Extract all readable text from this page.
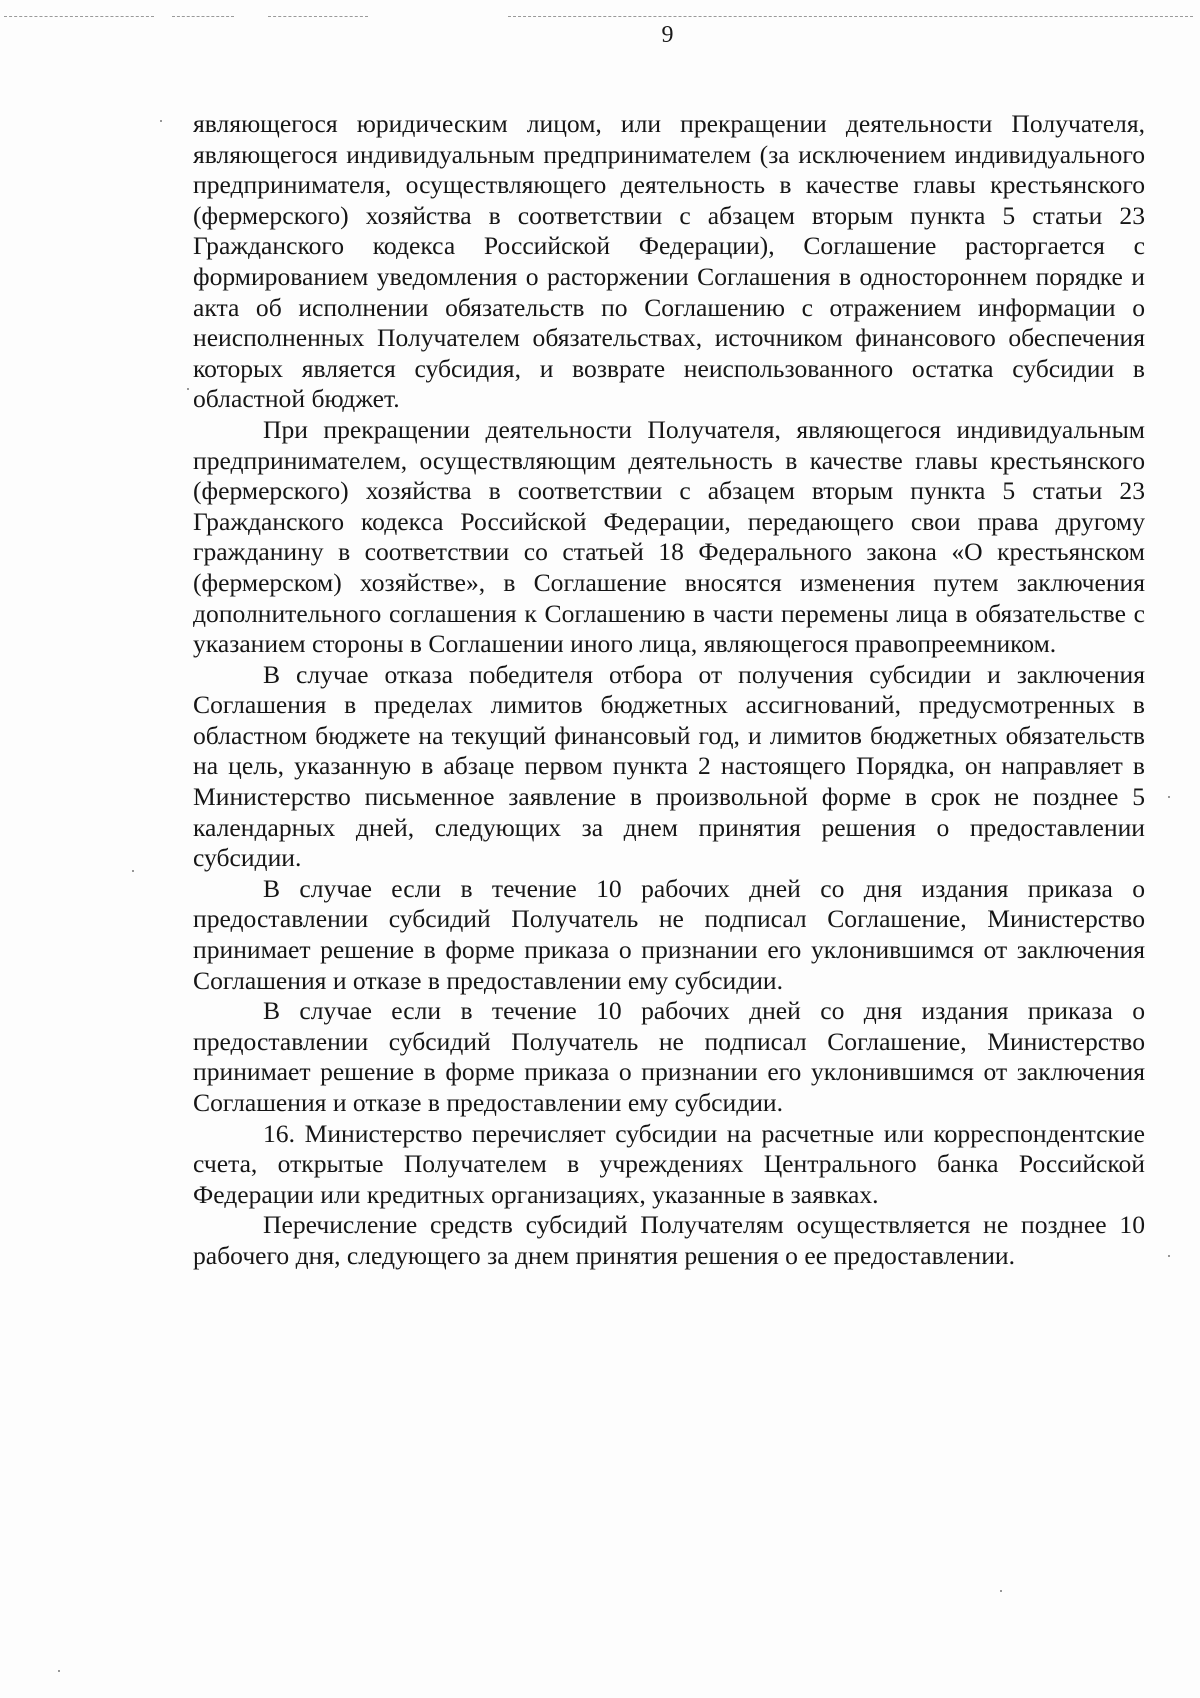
9

являющегося юридическим лицом, или прекращении деятельности Получателя, являющегося индивидуальным предпринимателем (за исключением индивидуального предпринимателя, осуществляющего деятельность в качестве главы крестьянского (фермерского) хозяйства в соответствии с абзацем вторым пункта 5 статьи 23 Гражданского кодекса Российской Федерации), Соглашение расторгается с формированием уведомления о расторжении Соглашения в одностороннем порядке и акта об исполнении обязательств по Соглашению с отражением информации о неисполненных Получателем обязательствах, источником финансового обеспечения которых является субсидия, и возврате неиспользованного остатка субсидии в областной бюджет.

При прекращении деятельности Получателя, являющегося индивидуальным предпринимателем, осуществляющим деятельность в качестве главы крестьянского (фермерского) хозяйства в соответствии с абзацем вторым пункта 5 статьи 23 Гражданского кодекса Российской Федерации, передающего свои права другому гражданину в соответствии со статьей 18 Федерального закона «О крестьянском (фермерском) хозяйстве», в Соглашение вносятся изменения путем заключения дополнительного соглашения к Соглашению в части перемены лица в обязательстве с указанием стороны в Соглашении иного лица, являющегося правопреемником.

В случае отказа победителя отбора от получения субсидии и заключения Соглашения в пределах лимитов бюджетных ассигнований, предусмотренных в областном бюджете на текущий финансовый год, и лимитов бюджетных обязательств на цель, указанную в абзаце первом пункта 2 настоящего Порядка, он направляет в Министерство письменное заявление в произвольной форме в срок не позднее 5 календарных дней, следующих за днем принятия решения о предоставлении субсидии.

В случае если в течение 10 рабочих дней со дня издания приказа о предоставлении субсидий Получатель не подписал Соглашение, Министерство принимает решение в форме приказа о признании его уклонившимся от заключения Соглашения и отказе в предоставлении ему субсидии.

В случае если в течение 10 рабочих дней со дня издания приказа о предоставлении субсидий Получатель не подписал Соглашение, Министерство принимает решение в форме приказа о признании его уклонившимся от заключения Соглашения и отказе в предоставлении ему субсидии.

16. Министерство перечисляет субсидии на расчетные или корреспондентские счета, открытые Получателем в учреждениях Центрального банка Российской Федерации или кредитных организациях, указанные в заявках.

Перечисление средств субсидий Получателям осуществляется не позднее 10 рабочего дня, следующего за днем принятия решения о ее предоставлении.
